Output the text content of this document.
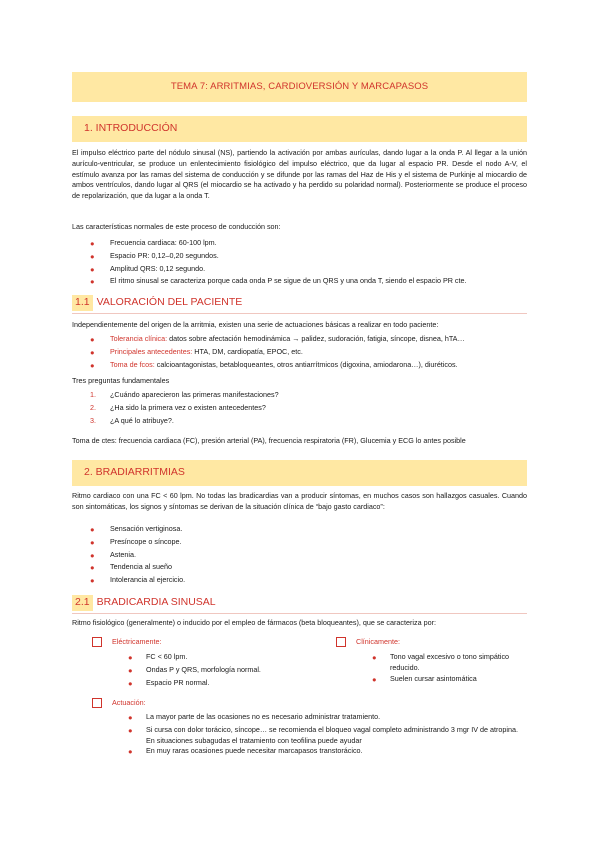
TEMA 7: ARRITMIAS, CARDIOVERSIÓN Y MARCAPASOS
1. INTRODUCCIÓN
El impulso eléctrico parte del nódulo sinusal (NS), partiendo la activación por ambas aurículas, dando lugar a la onda P. Al llegar a la unión aurículo-ventricular, se produce un enlentecimiento fisiológico del impulso eléctrico, que da lugar al espacio PR. Desde el nodo A-V, el estímulo avanza por las ramas del sistema de conducción y se difunde por las ramas del Haz de His y el sistema de Purkinje al miocardio de ambos ventrículos, dando lugar al QRS (el miocardio se ha activado y ha perdido su polaridad normal). Posteriormente se produce el proceso de repolarización, que da lugar a la onda T.
Las características normales de este proceso de conducción son:
● Frecuencia cardiaca: 60-100 lpm.
● Espacio PR: 0,12–0,20 segundos.
● Amplitud QRS: 0,12 segundo.
● El ritmo sinusal se caracteriza porque cada onda P se sigue de un QRS y una onda T, siendo el espacio PR cte.
1.1 VALORACIÓN DEL PACIENTE
Independientemente del origen de la arritmia, existen una serie de actuaciones básicas a realizar en todo paciente:
● Tolerancia clínica: datos sobre afectación hemodinámica → palidez, sudoración, fatigia, síncope, disnea, hTA…
● Principales antecedentes: HTA, DM, cardiopatía, EPOC, etc.
● Toma de fcos: calcioantagonistas, betabloqueantes, otros antiarrítmicos (digoxina, amiodarona…), diuréticos.
Tres preguntas fundamentales
1. ¿Cuándo aparecieron las primeras manifestaciones?
2. ¿Ha sido la primera vez o existen antecedentes?
3. ¿A qué lo atribuye?.
Toma de ctes: frecuencia cardiaca (FC), presión arterial (PA), frecuencia respiratoria (FR), Glucemia y ECG lo antes posible
2. BRADIARRITMIAS
Ritmo cardiaco con una FC < 60 lpm. No todas las bradicardias van a producir síntomas, en muchos casos son hallazgos casuales. Cuando son sintomáticas, los signos y síntomas se derivan de la situación clínica de “bajo gasto cardiaco”:
● Sensación vertiginosa.
● Presíncope o síncope.
● Astenia.
● Tendencia al sueño
● Intolerancia al ejercicio.
2.1 BRADICARDIA SINUSAL
Ritmo fisiológico (generalmente) o inducido por el empleo de fármacos (beta bloqueantes), que se caracteriza por:
Eléctricamente:
● FC < 60 lpm.
● Ondas P y QRS, morfología normal.
● Espacio PR normal.
Clínicamente:
● Tono vagal excesivo o tono simpático reducido.
● Suelen cursar asintomática
Actuación:
● La mayor parte de las ocasiones no es necesario administrar tratamiento.
● Si cursa con dolor torácico, síncope… se recomienda el bloqueo vagal completo administrando 3 mgr IV de atropina. En situaciones subagudas el tratamiento con teofilina puede ayudar
● En muy raras ocasiones puede necesitar marcapasos transtorácico.
